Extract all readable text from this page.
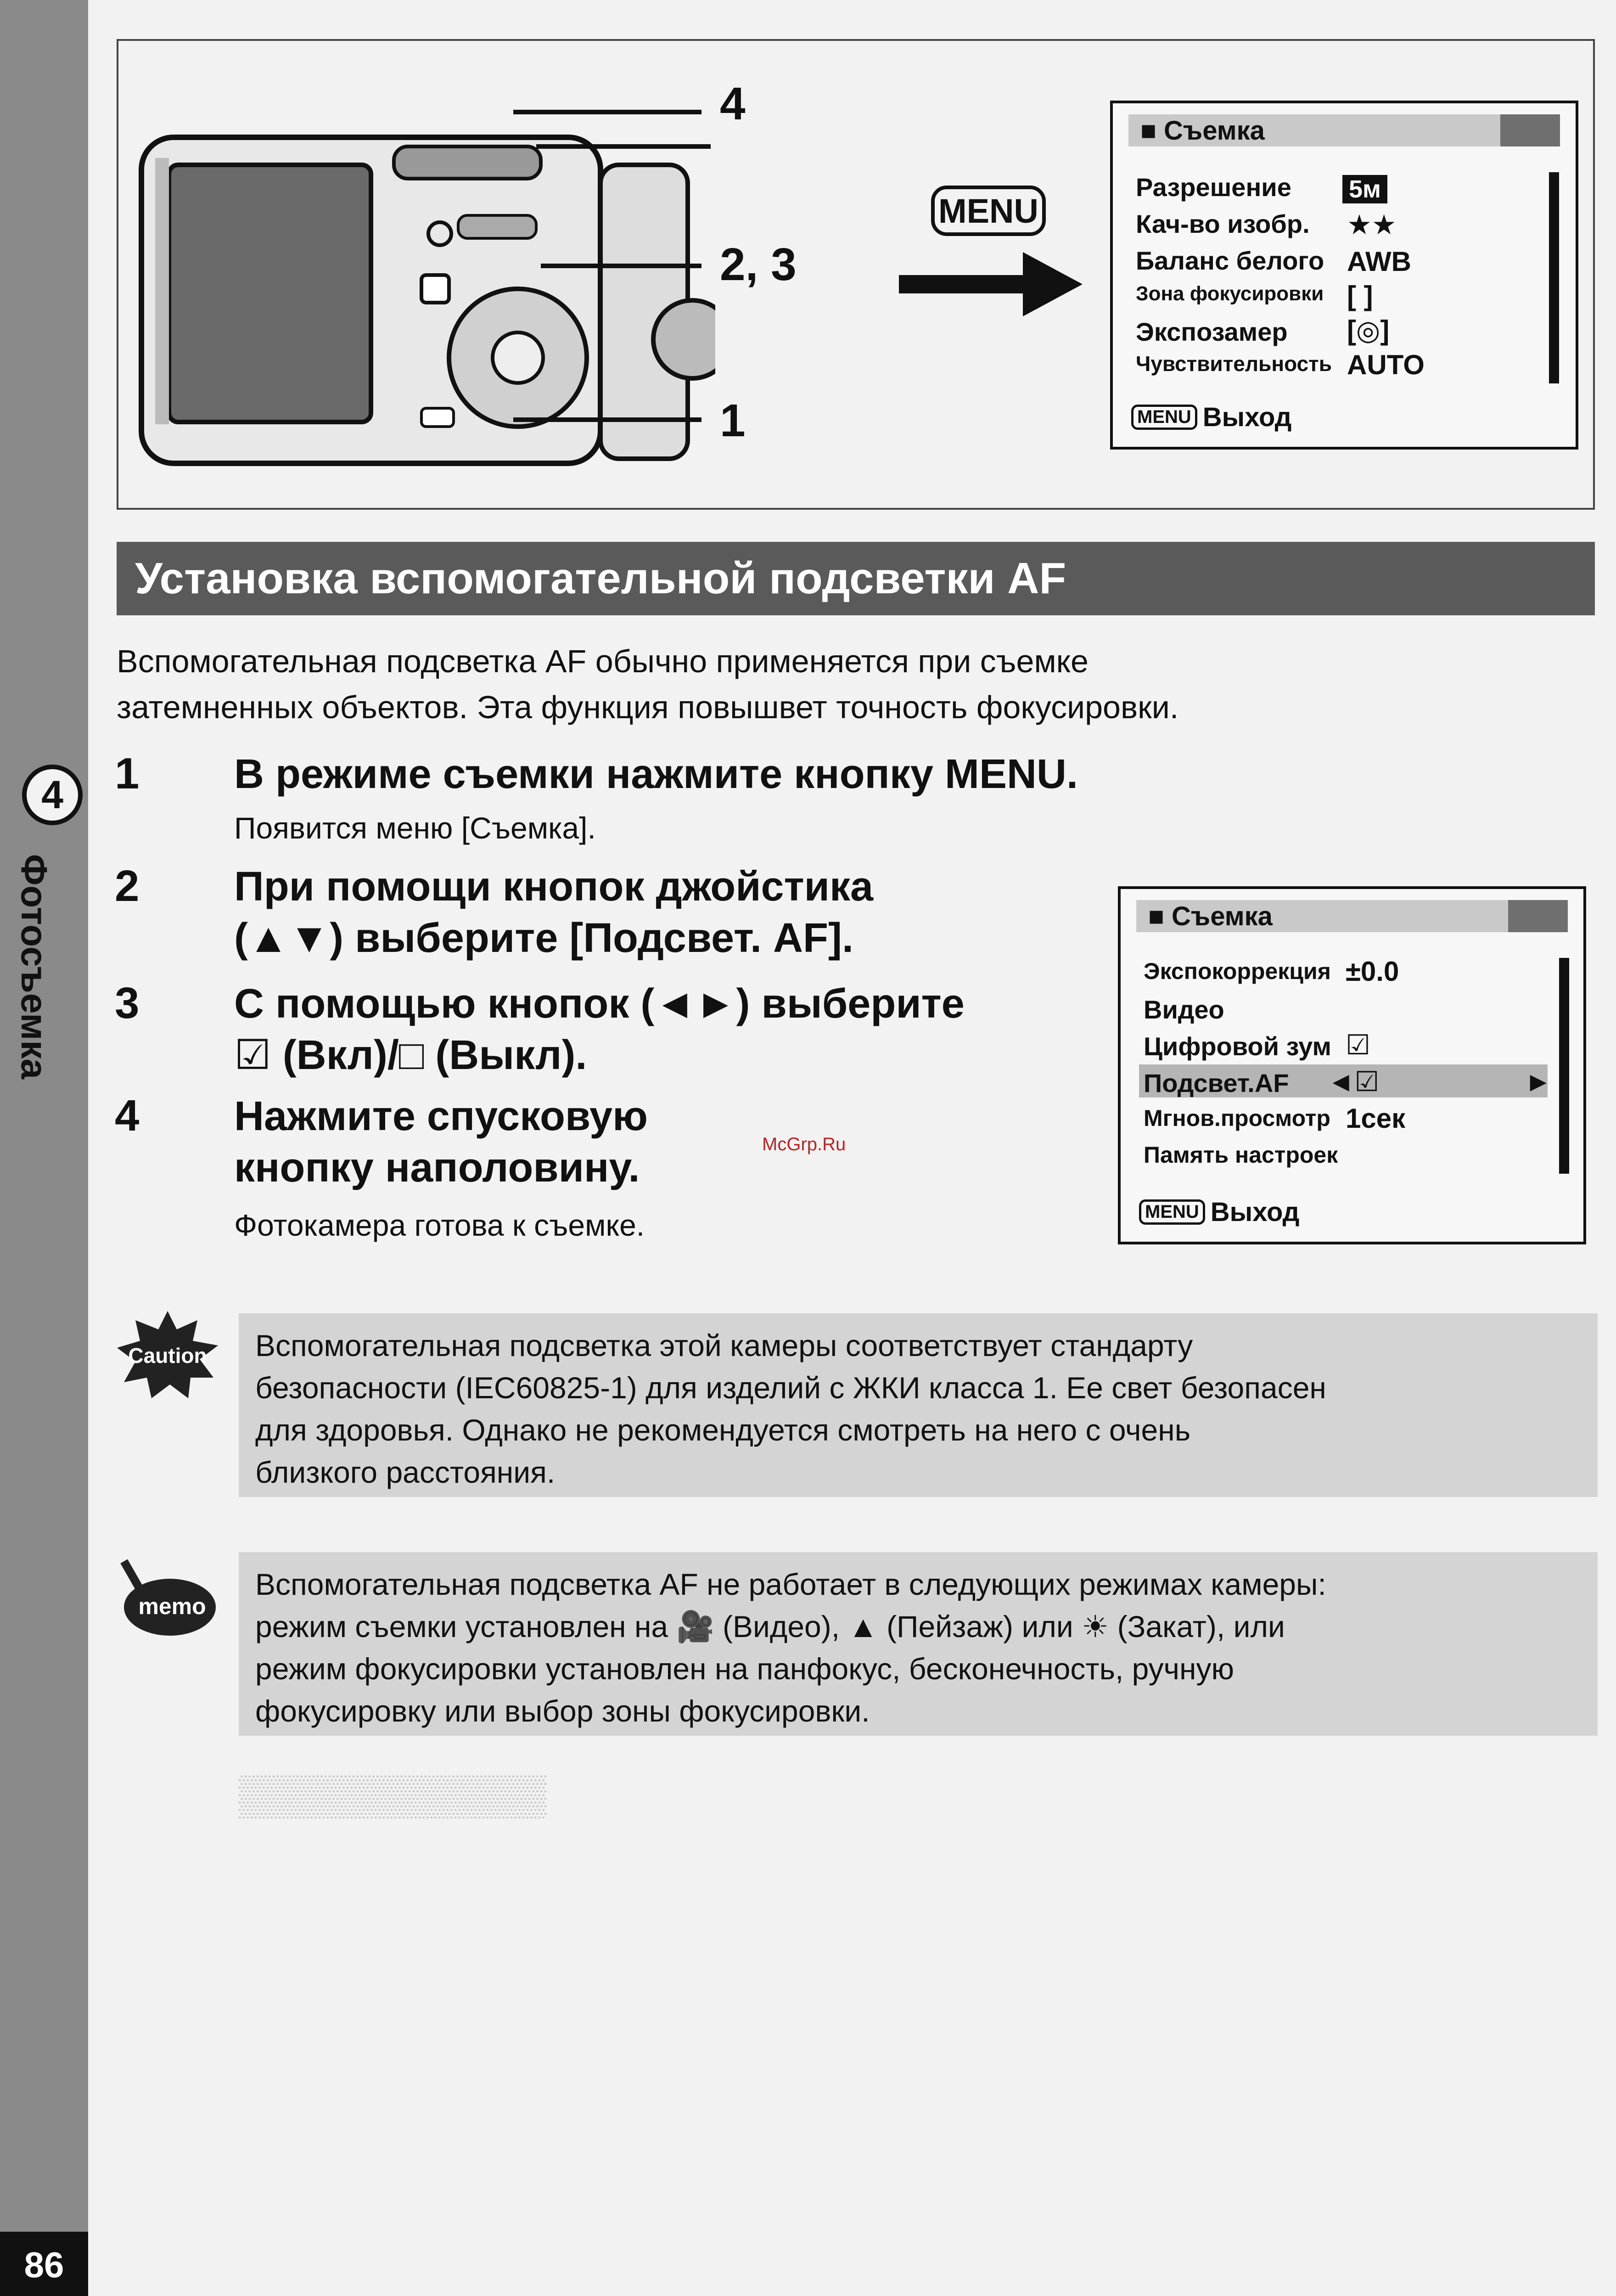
4
Фотосъемка
86
▒▒▒▒▒▒▒▒▒▒▒
4
2, 3
1
MENU
■ Съемка
Разрешение 5м
Кач-во изобр. ★★
Баланс белого AWB
Зона фокусировки [ ]
Экспозамер [◎]
Чувствительность AUTO
MENU Выход
Установка вспомогательной подсветки AF
Вспомогательная подсветка AF обычно применяется при съемке
затемненных объектов. Эта функция повышвет точность фокусировки.
1 В режиме съемки нажмите кнопку MENU.
Появится меню [Съемка].
2 При помощи кнопок джойстика
(▲▼) выберите [Подсвет. AF].
3 С помощью кнопок (◄►) выберите
☑ (Вкл)/□ (Выкл).
4 Нажмите спусковую
кнопку наполовину.
Фотокамера готова к съемке.
McGrp.Ru
■ Съемка
Экспокоррекция ±0.0
Видео
Цифровой зум ☑
Подсвет.AF ◄☑	►
Мгнов.просмотр 1сек
Память настроек
MENU Выход
Caution Вспомогательная подсветка этой камеры соответствует стандарту
безопасности (IEC60825-1) для изделий с ЖКИ класса 1. Ее свет безопасен
для здоровья. Однако не рекомендуется смотреть на него с очень
близкого расстояния.
memo
Вспомогательная подсветка AF не работает в следующих режимах камеры:
режим съемки установлен на 🎥 (Видео), ▲ (Пейзаж) или ☀ (Закат), или
режим фокусировки установлен на панфокус, бесконечность, ручную
фокусировку или выбор зоны фокусировки.
